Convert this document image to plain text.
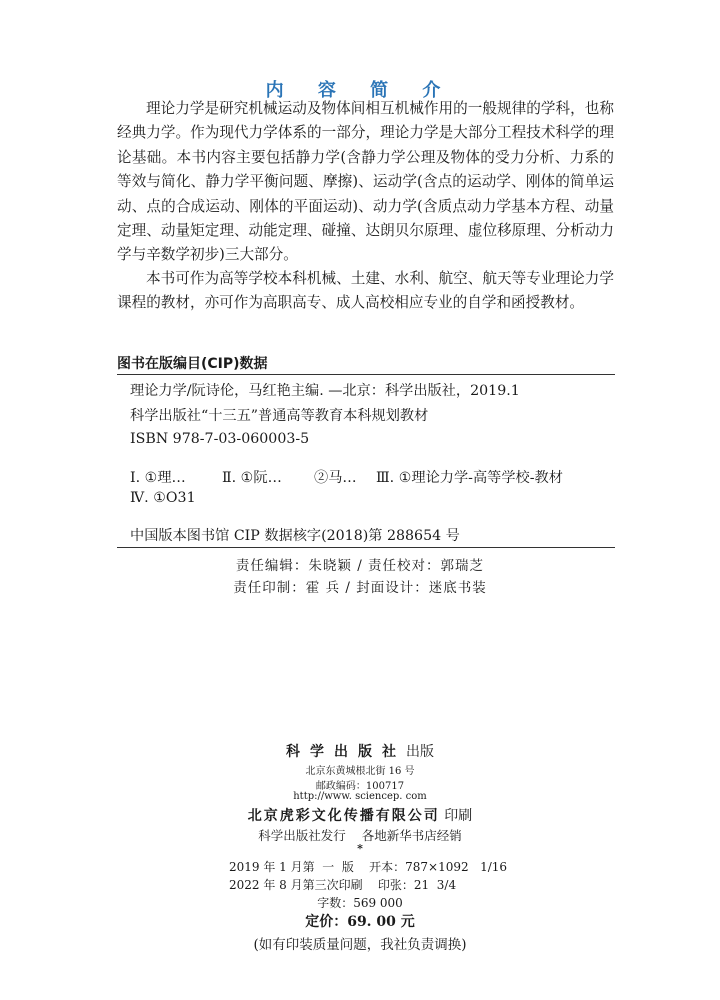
内 容 简 介

理论力学是研究机械运动及物体间相互机械作用的一般规律的学科，也称经典力学。作为现代力学体系的一部分，理论力学是大部分工程技术科学的理论基础。本书内容主要包括静力学(含静力学公理及物体的受力分析、力系的等效与简化、静力学平衡问题、摩擦)、运动学(含点的运动学、刚体的简单运动、点的合成运动、刚体的平面运动)、动力学(含质点动力学基本方程、动量定理、动量矩定理、动能定理、碰撞、达朗贝尔原理、虚位移原理、分析动力学与辛数学初步)三大部分。

本书可作为高等学校本科机械、土建、水利、航空、航天等专业理论力学课程的教材，亦可作为高职高专、成人高校相应专业的自学和函授教材。

图书在版编目(CIP)数据
理论力学/阮诗伦，马红艳主编. —北京：科学出版社，2019.1
科学出版社“十三五”普通高等教育本科规划教材
ISBN 978-7-03-060003-5
Ⅰ. ①理…	Ⅱ. ①阮… ②马… Ⅲ. ①理论力学-高等学校-教材
Ⅳ. ①O31
中国版本图书馆 CIP 数据核字(2018)第 288654 号
责任编辑：朱晓颖 / 责任校对：郭瑞芝
责任印制：霍 兵 / 封面设计：迷底书装
科学出版社出版
北京东黄城根北街 16 号
邮政编码：100717
http://www. sciencep. com
北京虎彩文化传播有限公司 印刷
科学出版社发行    各地新华书店经销
*
2019 年 1 月第  一  版    开本：787×1092   1/16
2022 年 8 月第三次印刷    印张：21  3/4
字数：569 000
定价：69. 00 元
(如有印装质量问题，我社负责调换)
